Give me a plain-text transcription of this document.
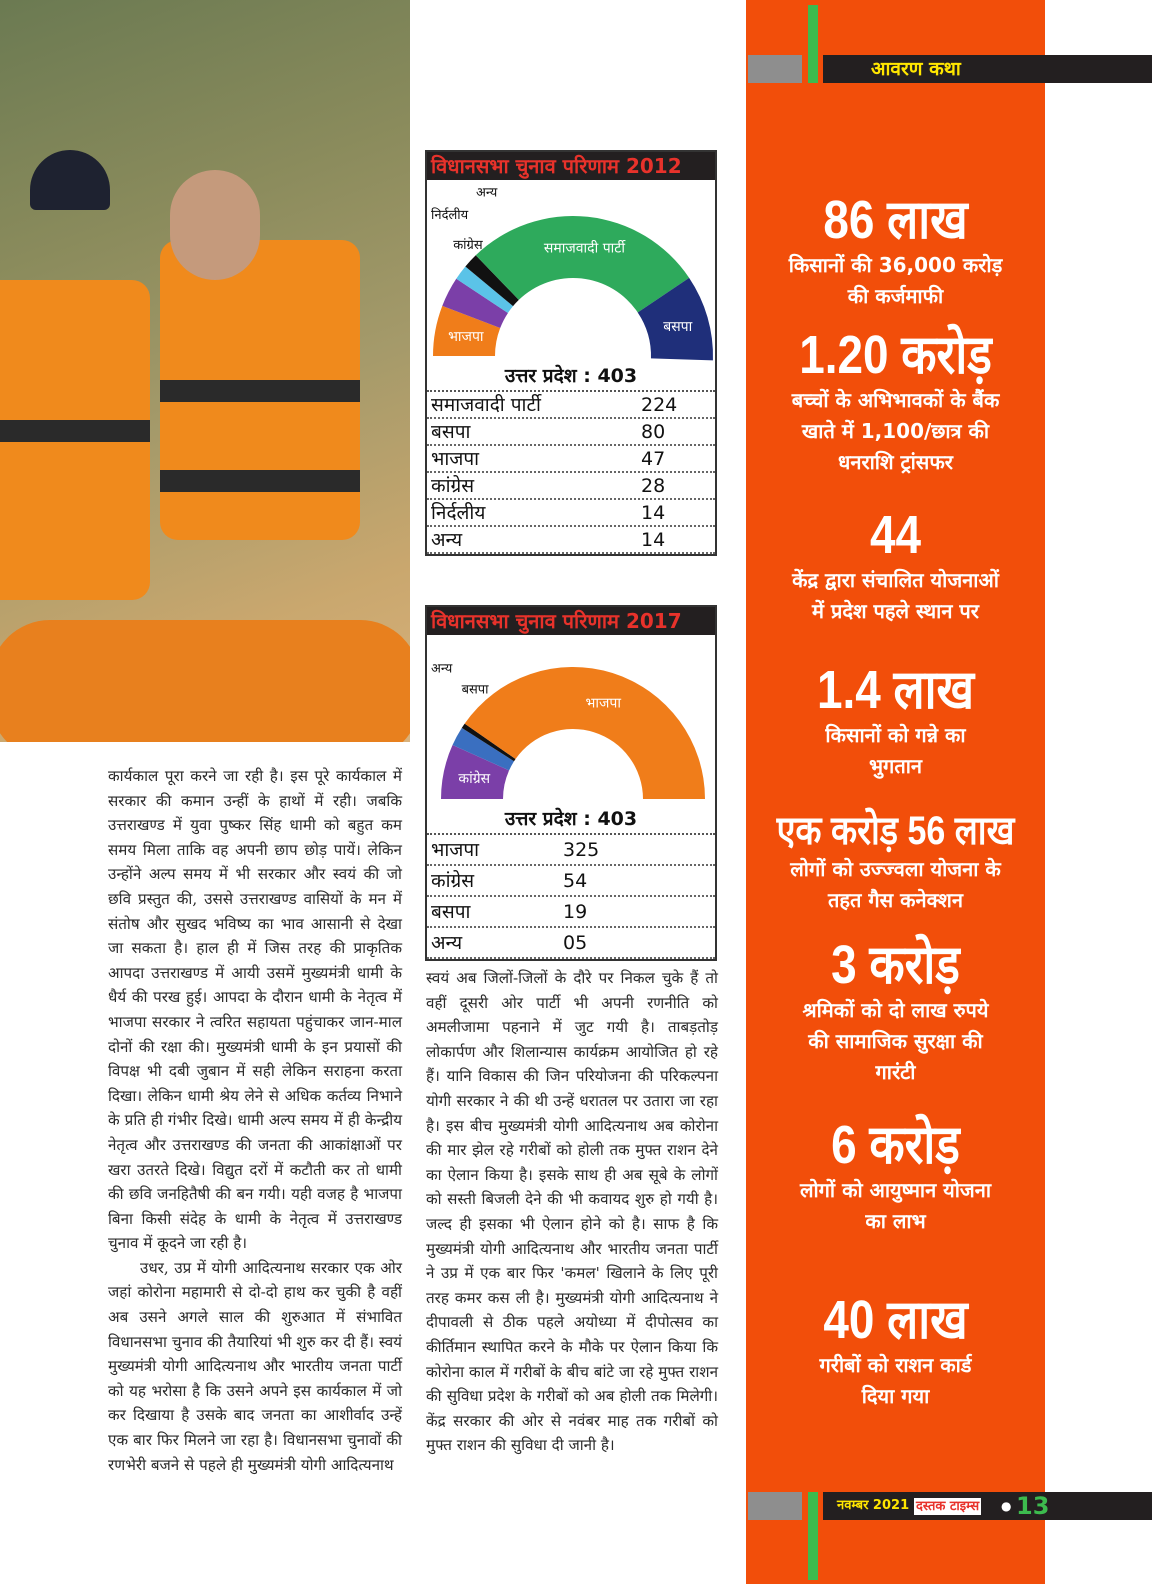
कार्यकाल पूरा करने जा रही है। इस पूरे कार्यकाल में सरकार की कमान उन्हीं के हाथों में रही। जबकि उत्तराखण्ड में युवा पुष्कर सिंह धामी को बहुत कम समय मिला ताकि वह अपनी छाप छोड़ पायें। लेकिन उन्होंने अल्प समय में भी सरकार और स्वयं की जो छवि प्रस्तुत की, उससे उत्तराखण्ड वासियों के मन में संतोष और सुखद भविष्य का भाव आसानी से देखा जा सकता है। हाल ही में जिस तरह की प्राकृतिक आपदा उत्तराखण्ड में आयी उसमें मुख्यमंत्री धामी के धैर्य की परख हुई। आपदा के दौरान धामी के नेतृत्व में भाजपा सरकार ने त्वरित सहायता पहुंचाकर जान-माल दोनों की रक्षा की। मुख्यमंत्री धामी के इन प्रयासों की विपक्ष भी दबी जुबान में सही लेकिन सराहना करता दिखा। लेकिन धामी श्रेय लेने से अधिक कर्तव्य निभाने के प्रति ही गंभीर दिखे। धामी अल्प समय में ही केन्द्रीय नेतृत्व और उत्तराखण्ड की जनता की आकांक्षाओं पर खरा उतरते दिखे। विद्युत दरों में कटौती कर तो धामी की छवि जनहितैषी की बन गयी। यही वजह है भाजपा बिना किसी संदेह के धामी के नेतृत्व में उत्तराखण्ड चुनाव में कूदने जा रही है।

उधर, उप्र में योगी आदित्यनाथ सरकार एक ओर जहां कोरोना महामारी से दो-दो हाथ कर चुकी है वहीं अब उसने अगले साल की शुरुआत में संभावित विधानसभा चुनाव की तैयारियां भी शुरु कर दी हैं। स्वयं मुख्यमंत्री योगी आदित्यनाथ और भारतीय जनता पार्टी को यह भरोसा है कि उसने अपने इस कार्यकाल में जो कर दिखाया है उसके बाद जनता का आशीर्वाद उन्हें एक बार फिर मिलने जा रहा है। विधानसभा चुनावों की रणभेरी बजने से पहले ही मुख्यमंत्री योगी आदित्यनाथ

विधानसभा चुनाव परिणाम 2012
भाजपा
कांग्रेस
निर्दलीय
अन्य
समाजवादी पार्टी
बसपा
उत्तर प्रदेश : 403
समाजवादी पार्टी	224
बसपा	80
भाजपा	47
कांग्रेस	28
निर्दलीय	14
अन्य	14
विधानसभा चुनाव परिणाम 2017
कांग्रेस
बसपा
अन्य
भाजपा
उत्तर प्रदेश : 403
भाजपा	325
कांग्रेस	54
बसपा	19
अन्य	05

स्वयं अब जिलों-जिलों के दौरे पर निकल चुके हैं तो वहीं दूसरी ओर पार्टी भी अपनी रणनीति को अमलीजामा पहनाने में जुट गयी है। ताबड़तोड़ लोकार्पण और शिलान्यास कार्यक्रम आयोजित हो रहे हैं। यानि विकास की जिन परियोजना की परिकल्पना योगी सरकार ने की थी उन्हें धरातल पर उतारा जा रहा है। इस बीच मुख्यमंत्री योगी आदित्यनाथ अब कोरोना की मार झेल रहे गरीबों को होली तक मुफ्त राशन देने का ऐलान किया है। इसके साथ ही अब सूबे के लोगों को सस्ती बिजली देने की भी कवायद शुरु हो गयी है। जल्द ही इसका भी ऐलान होने को है। साफ है कि मुख्यमंत्री योगी आदित्यनाथ और भारतीय जनता पार्टी ने उप्र में एक बार फिर 'कमल' खिलाने के लिए पूरी तरह कमर कस ली है। मुख्यमंत्री योगी आदित्यनाथ ने दीपावली से ठीक पहले अयोध्या में दीपोत्सव का कीर्तिमान स्थापित करने के मौके पर ऐलान किया कि कोरोना काल में गरीबों के बीच बांटे जा रहे मुफ्त राशन की सुविधा प्रदेश के गरीबों को अब होली तक मिलेगी। केंद्र सरकार की ओर से नवंबर माह तक गरीबों को मुफ्त राशन की सुविधा दी जानी है।

आवरण कथा
86 लाख
किसानों की 36,000 करोड़
की कर्जमाफी
1.20 करोड़
बच्चों के अभिभावकों के बैंक
खाते में 1,100/छात्र की
धनराशि ट्रांसफर
44
केंद्र द्वारा संचालित योजनाओं
में प्रदेश पहले स्थान पर
1.4 लाख
किसानों को गन्ने का
भुगतान
एक करोड़ 56 लाख
लोगों को उज्ज्वला योजना के
तहत गैस कनेक्शन
3 करोड़
श्रमिकों को दो लाख रुपये
की सामाजिक सुरक्षा की
गारंटी
6 करोड़
लोगों को आयुष्मान योजना
का लाभ
40 लाख
गरीबों को राशन कार्ड
दिया गया
नवम्बर 2021 दस्तक टाइम्स ● 13
